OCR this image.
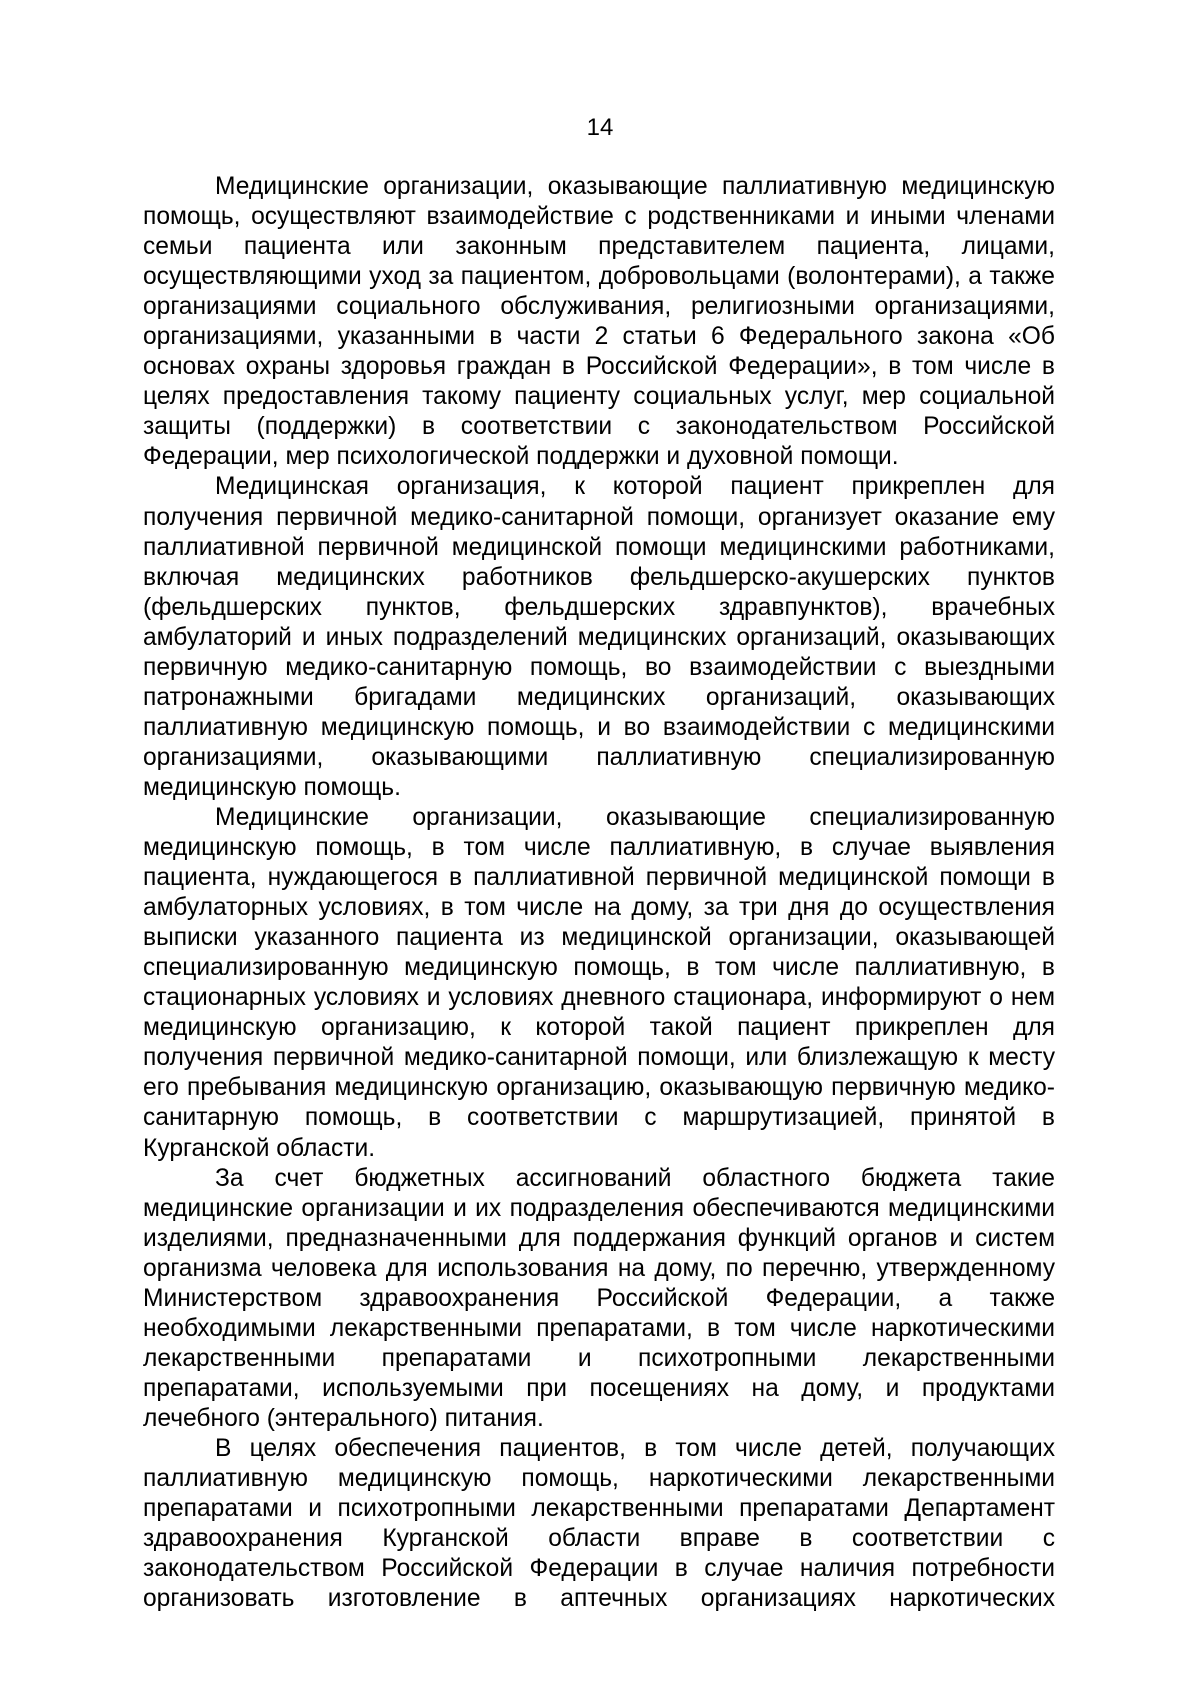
14

Медицинские организации, оказывающие паллиативную медицинскую помощь, осуществляют взаимодействие с родственниками и иными членами семьи пациента или законным представителем пациента, лицами, осуществляющими уход за пациентом, добровольцами (волонтерами), а также организациями социального обслуживания, религиозными организациями, организациями, указанными в части 2 статьи 6 Федерального закона «Об основах охраны здоровья граждан в Российской Федерации», в том числе в целях предоставления такому пациенту социальных услуг, мер социальной защиты (поддержки) в соответствии с законодательством Российской Федерации, мер психологической поддержки и духовной помощи.

Медицинская организация, к которой пациент прикреплен для получения первичной медико-санитарной помощи, организует оказание ему паллиативной первичной медицинской помощи медицинскими работниками, включая медицинских работников фельдшерско-акушерских пунктов (фельдшерских пунктов, фельдшерских здравпунктов), врачебных амбулаторий и иных подразделений медицинских организаций, оказывающих первичную медико-санитарную помощь, во взаимодействии с выездными патронажными бригадами медицинских организаций, оказывающих паллиативную медицинскую помощь, и во взаимодействии с медицинскими организациями, оказывающими паллиативную специализированную медицинскую помощь.

Медицинские организации, оказывающие специализированную медицинскую помощь, в том числе паллиативную, в случае выявления пациента, нуждающегося в паллиативной первичной медицинской помощи в амбулаторных условиях, в том числе на дому, за три дня до осуществления выписки указанного пациента из медицинской организации, оказывающей специализированную медицинскую помощь, в том числе паллиативную, в стационарных условиях и условиях дневного стационара, информируют о нем медицинскую организацию, к которой такой пациент прикреплен для получения первичной медико-санитарной помощи, или близлежащую к месту его пребывания медицинскую организацию, оказывающую первичную медико-санитарную помощь, в соответствии с маршрутизацией, принятой в Курганской области.

За счет бюджетных ассигнований областного бюджета такие медицинские организации и их подразделения обеспечиваются медицинскими изделиями, предназначенными для поддержания функций органов и систем организма человека для использования на дому, по перечню, утвержденному Министерством здравоохранения Российской Федерации, а также необходимыми лекарственными препаратами, в том числе наркотическими лекарственными препаратами и психотропными лекарственными препаратами, используемыми при посещениях на дому, и продуктами лечебного (энтерального) питания.

В целях обеспечения пациентов, в том числе детей, получающих паллиативную медицинскую помощь, наркотическими лекарственными препаратами и психотропными лекарственными препаратами Департамент здравоохранения Курганской области вправе в соответствии с законодательством Российской Федерации в случае наличия потребности организовать изготовление в аптечных организациях наркотических
